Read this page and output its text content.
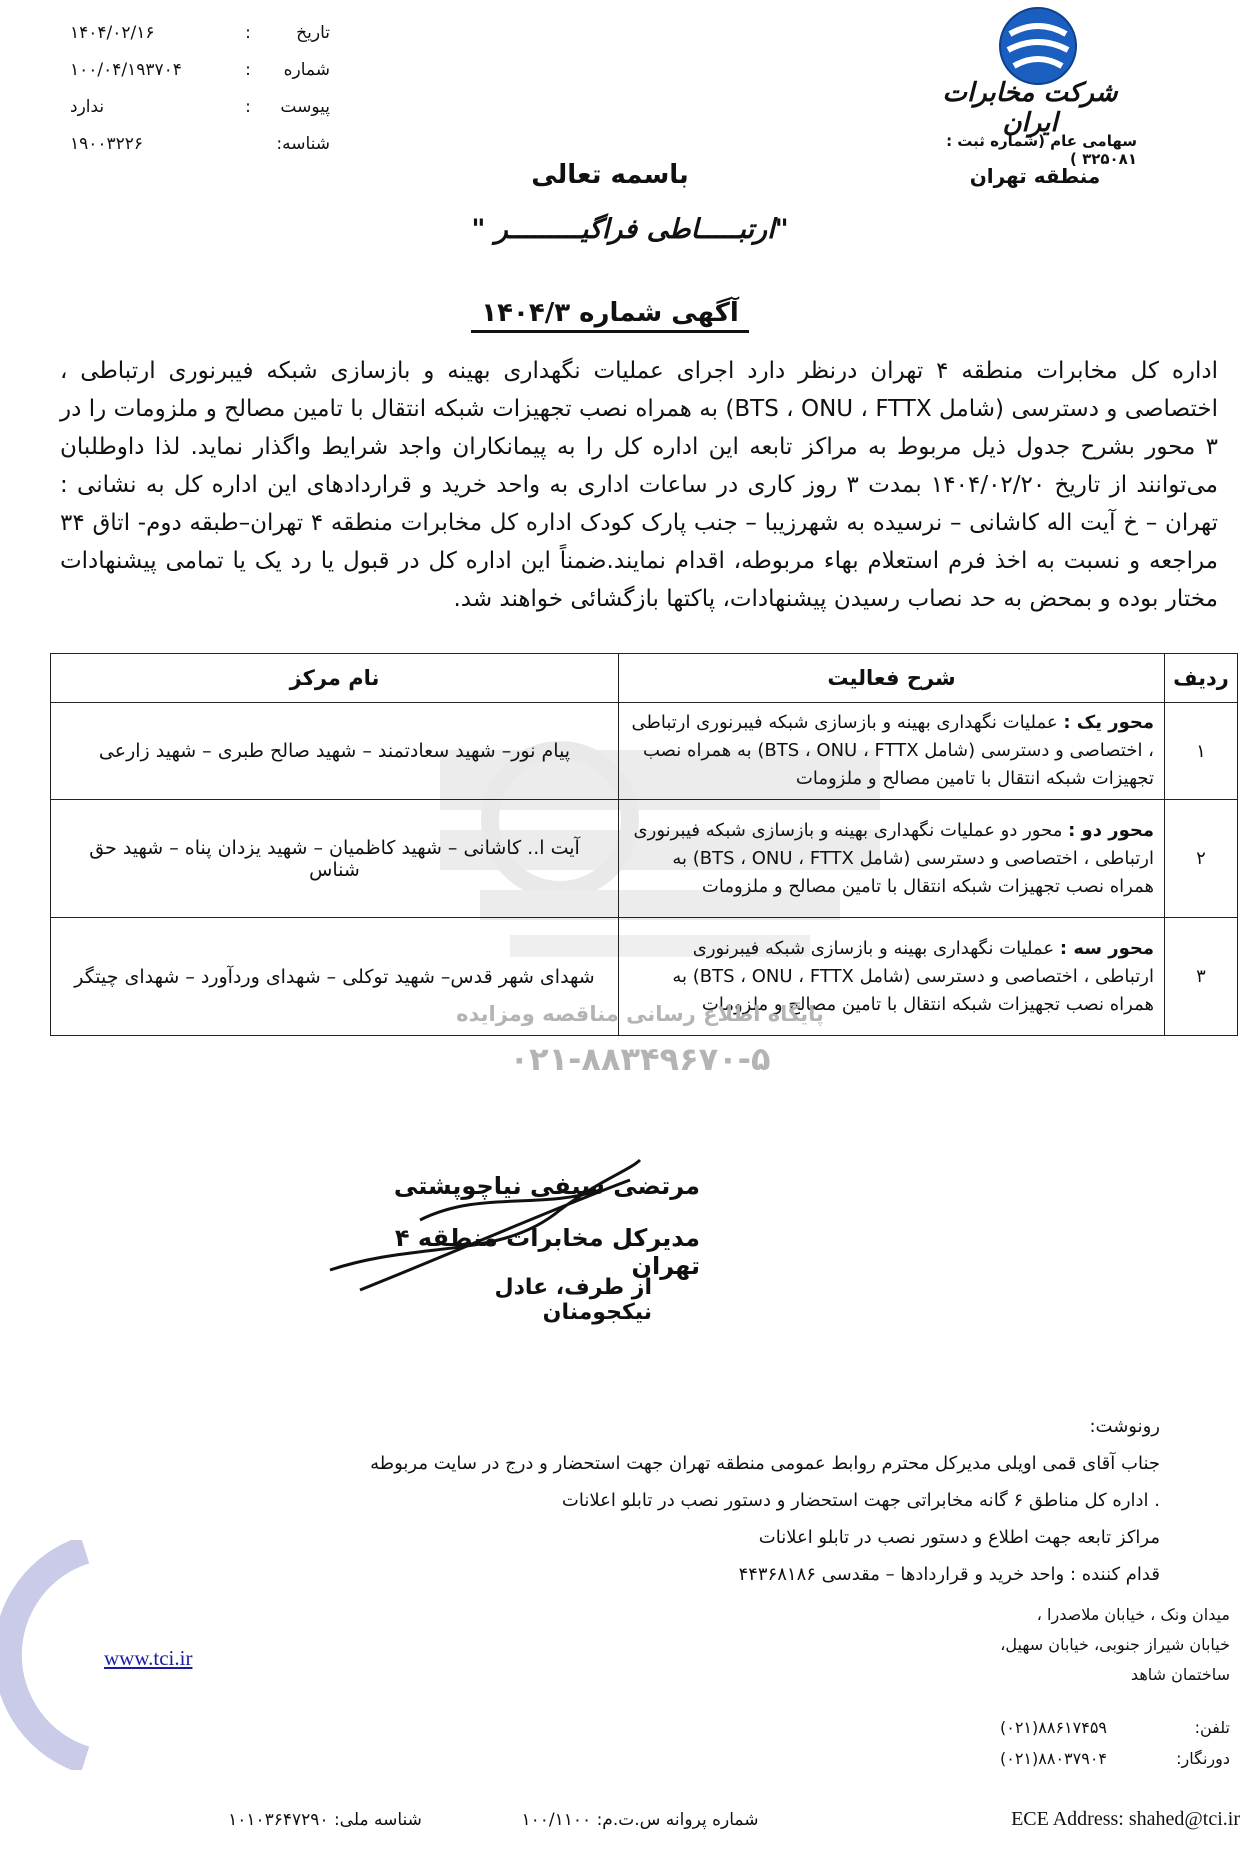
تاریخ
:
۱۴۰۴/۰۲/۱۶
شماره
:
۱۰۰/۰۴/۱۹۳۷۰۴
پیوست
:
ندارد
شناسه:
۱۹۰۰۳۲۲۶
شرکت مخابرات ایران
سهامی عام (شماره ثبت : ۳۲۵۰۸۱ )
منطقه تهران
باسمه تعالی
"ارتبـــــاطی فراگیـــــــــر "
آگهی شماره ۱۴۰۴/۳
اداره کل مخابرات منطقه ۴ تهران درنظر دارد اجرای عملیات نگهداری بهینه و بازسازی شبکه فیبرنوری ارتباطی ، اختصاصی و دسترسی (شامل BTS ، ONU ، FTTX) به همراه نصب تجهیزات شبکه انتقال با تامین مصالح و ملزومات را در ۳ محور بشرح جدول ذیل مربوط به مراکز تابعه این اداره کل را به پیمانکاران واجد شرایط واگذار نماید. لذا داوطلبان می‌توانند از تاریخ ۱۴۰۴/۰۲/۲۰ بمدت ۳ روز کاری در ساعات اداری به واحد خرید و قراردادهای این اداره کل به نشانی : تهران – خ آیت اله کاشانی – نرسیده به شهرزیبا – جنب پارک کودک اداره کل مخابرات منطقه ۴ تهران–طبقه دوم- اتاق ۳۴ مراجعه و نسبت به اخذ فرم استعلام بهاء مربوطه، اقدام نمایند.ضمناً این اداره کل در قبول یا رد یک یا تمامی پیشنهادات مختار بوده و بمحض به حد نصاب رسیدن پیشنهادات، پاکتها بازگشائی خواهند شد.
ردیف	شرح فعالیت	نام مرکز
۱	محور یک : عملیات نگهداری بهینه و بازسازی شبکه فیبرنوری ارتباطی ، اختصاصی و دسترسی (شامل BTS ، ONU ، FTTX) به همراه نصب تجهیزات شبکه انتقال با تامین مصالح و ملزومات	پیام نور– شهید سعادتمند – شهید صالح طبری – شهید زارعی
۲	محور دو : محور دو عملیات نگهداری بهینه و بازسازی شبکه فیبرنوری ارتباطی ، اختصاصی و دسترسی (شامل BTS ، ONU ، FTTX) به همراه نصب تجهیزات شبکه انتقال با تامین مصالح و ملزومات	آیت ا.. کاشانی – شهید کاظمیان – شهید یزدان پناه – شهید حق شناس
۳	محور سه : عملیات نگهداری بهینه و بازسازی شبکه فیبرنوری ارتباطی ، اختصاصی و دسترسی (شامل BTS ، ONU ، FTTX) به همراه نصب تجهیزات شبکه انتقال با تامین مصالح و ملزومات	شهدای شهر قدس– شهید توکلی – شهدای وردآورد – شهدای چیتگر
پایگاه اطلاع رسانی مناقصه ومزایده
۰۲۱-۸۸۳۴۹۶۷۰-۵
مرتضی سیفی نیاچوپشتی
مدیرکل مخابرات منطقه ۴ تهران
از طرف، عادل نیکجومنان
رونوشت:
جناب آقای قمی اویلی مدیرکل محترم روابط عمومی منطقه تهران جهت استحضار و درج در سایت مربوطه
. اداره کل مناطق ۶ گانه مخابراتی جهت استحضار و دستور نصب در تابلو اعلانات
مراکز تابعه جهت اطلاع و دستور نصب در تابلو اعلانات
قدام کننده : واحد خرید و قراردادها – مقدسی ۴۴۳۶۸۱۸۶
میدان ونک ، خیابان ملاصدرا ،
خیابان شیراز جنوبی، خیابان سهیل،
ساختمان شاهد
تلفن:
(۰۲۱)۸۸۶۱۷۴۵۹
دورنگار:
(۰۲۱)۸۸۰۳۷۹۰۴
www.tci.ir
ECE Address: shahed@tci.ir
شماره پروانه س.ت.م: ۱۰۰/۱۱۰۰
شناسه ملی: ۱۰۱۰۳۶۴۷۲۹۰
